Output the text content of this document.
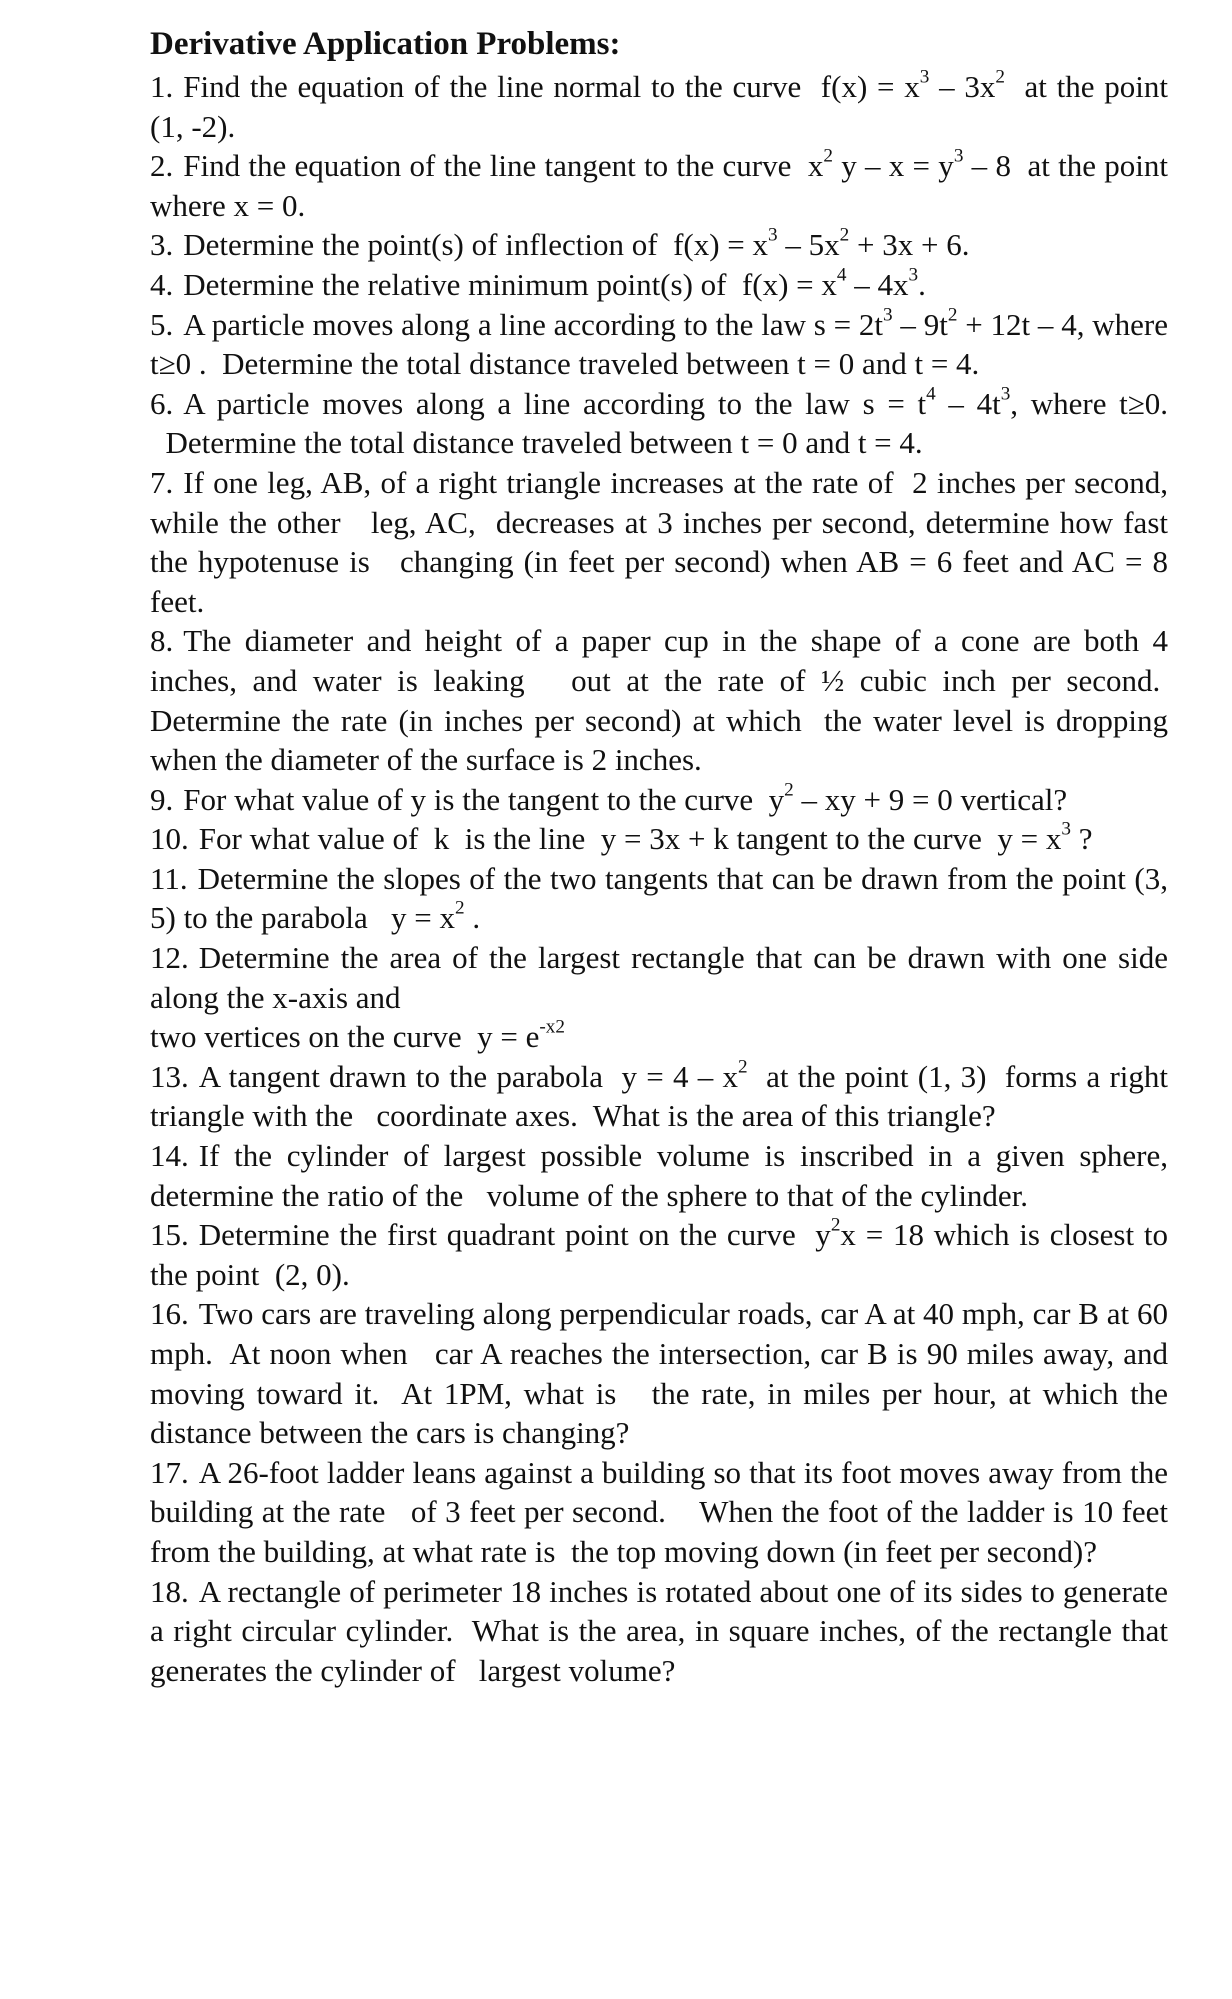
Derivative Application Problems:

1. Find the equation of the line normal to the curve  $f(x) = x^3 - 3x^2$  at the point (1, -2).

2. Find the equation of the line tangent to the curve  $x^2$ $y - x = y^3 - 8$  at the point where x = 0.

3. Determine the point(s) of inflection of  $f(x) = x^3 - 5x^2 + 3x + 6$.

4. Determine the relative minimum point(s) of  $f(x) = x^4 - 4x^3$.

5. A particle moves along a line according to the law $s = 2t^3 - 9t^2 + 12t - 4$, where t≥0 .  Determine the total distance traveled between t = 0 and t = 4.

6. A particle moves along a line according to the law $s = t^4 - 4t^3$, where t≥0.   Determine the total distance traveled between t = 0 and t = 4.

7. If one leg, AB, of a right triangle increases at the rate of  2 inches per second, while the other   leg, AC,  decreases at 3 inches per second, determine how fast the hypotenuse is   changing (in feet per second) when AB = 6 feet and AC = 8 feet.

8. The diameter and height of a paper cup in the shape of a cone are both 4 inches, and water is leaking   out at the rate of ½ cubic inch per second.  Determine the rate (in inches per second) at which  the water level is dropping when the diameter of the surface is 2 inches.

9. For what value of y is the tangent to the curve  $y^2$ – xy + 9 = 0 vertical?

10. For what value of  k  is the line  y = 3x + k tangent to the curve  $y = x^3$ ?

11. Determine the slopes of the two tangents that can be drawn from the point (3, 5) to the parabola   $y = x^2$ .

12. Determine the area of the largest rectangle that can be drawn with one side along the x-axis and
two vertices on the curve  $y = e^{-x2}$

13. A tangent drawn to the parabola  $y = 4 - x^2$  at the point (1, 3)  forms a right triangle with the   coordinate axes.  What is the area of this triangle?

14. If the cylinder of largest possible volume is inscribed in a given sphere, determine the ratio of the   volume of the sphere to that of the cylinder.

15. Determine the first quadrant point on the curve  $y^2x = 18$ which is closest to the point  (2, 0).

16. Two cars are traveling along perpendicular roads, car A at 40 mph, car B at 60 mph.  At noon when   car A reaches the intersection, car B is 90 miles away, and moving toward it.  At 1PM, what is   the rate, in miles per hour, at which the distance between the cars is changing?

17. A 26-foot ladder leans against a building so that its foot moves away from the building at the rate   of 3 feet per second.    When the foot of the ladder is 10 feet from the building, at what rate is  the top moving down (in feet per second)?

18. A rectangle of perimeter 18 inches is rotated about one of its sides to generate a right circular cylinder.  What is the area, in square inches, of the rectangle that generates the cylinder of   largest volume?
